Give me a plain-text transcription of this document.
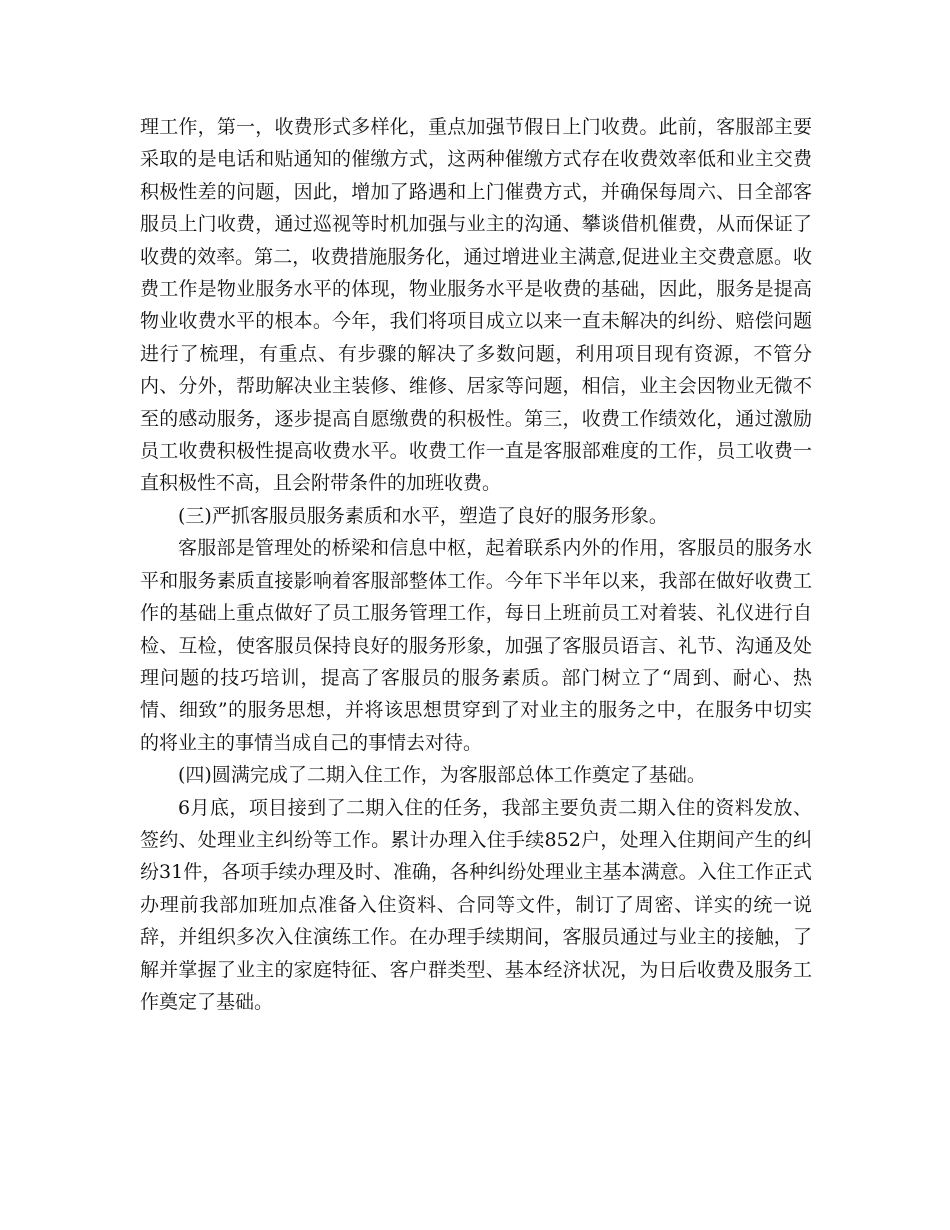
理工作，第一，收费形式多样化，重点加强节假日上门收费。此前，客服部主要采取的是电话和贴通知的催缴方式，这两种催缴方式存在收费效率低和业主交费积极性差的问题，因此，增加了路遇和上门催费方式，并确保每周六、日全部客服员上门收费，通过巡视等时机加强与业主的沟通、攀谈借机催费，从而保证了收费的效率。第二，收费措施服务化，通过增进业主满意,促进业主交费意愿。收费工作是物业服务水平的体现，物业服务水平是收费的基础，因此，服务是提高物业收费水平的根本。今年，我们将项目成立以来一直未解决的纠纷、赔偿问题进行了梳理，有重点、有步骤的解决了多数问题，利用项目现有资源，不管分内、分外，帮助解决业主装修、维修、居家等问题，相信，业主会因物业无微不至的感动服务，逐步提高自愿缴费的积极性。第三，收费工作绩效化，通过激励员工收费积极性提高收费水平。收费工作一直是客服部难度的工作，员工收费一直积极性不高，且会附带条件的加班收费。

(三)严抓客服员服务素质和水平，塑造了良好的服务形象。

客服部是管理处的桥梁和信息中枢，起着联系内外的作用，客服员的服务水平和服务素质直接影响着客服部整体工作。今年下半年以来，我部在做好收费工作的基础上重点做好了员工服务管理工作，每日上班前员工对着装、礼仪进行自检、互检，使客服员保持良好的服务形象，加强了客服员语言、礼节、沟通及处理问题的技巧培训，提高了客服员的服务素质。部门树立了“周到、耐心、热情、细致”的服务思想，并将该思想贯穿到了对业主的服务之中，在服务中切实的将业主的事情当成自己的事情去对待。

(四)圆满完成了二期入住工作，为客服部总体工作奠定了基础。

6月底，项目接到了二期入住的任务，我部主要负责二期入住的资料发放、签约、处理业主纠纷等工作。累计办理入住手续852户，处理入住期间产生的纠纷31件，各项手续办理及时、准确，各种纠纷处理业主基本满意。入住工作正式办理前我部加班加点准备入住资料、合同等文件，制订了周密、详实的统一说辞，并组织多次入住演练工作。在办理手续期间，客服员通过与业主的接触，了解并掌握了业主的家庭特征、客户群类型、基本经济状况，为日后收费及服务工作奠定了基础。
